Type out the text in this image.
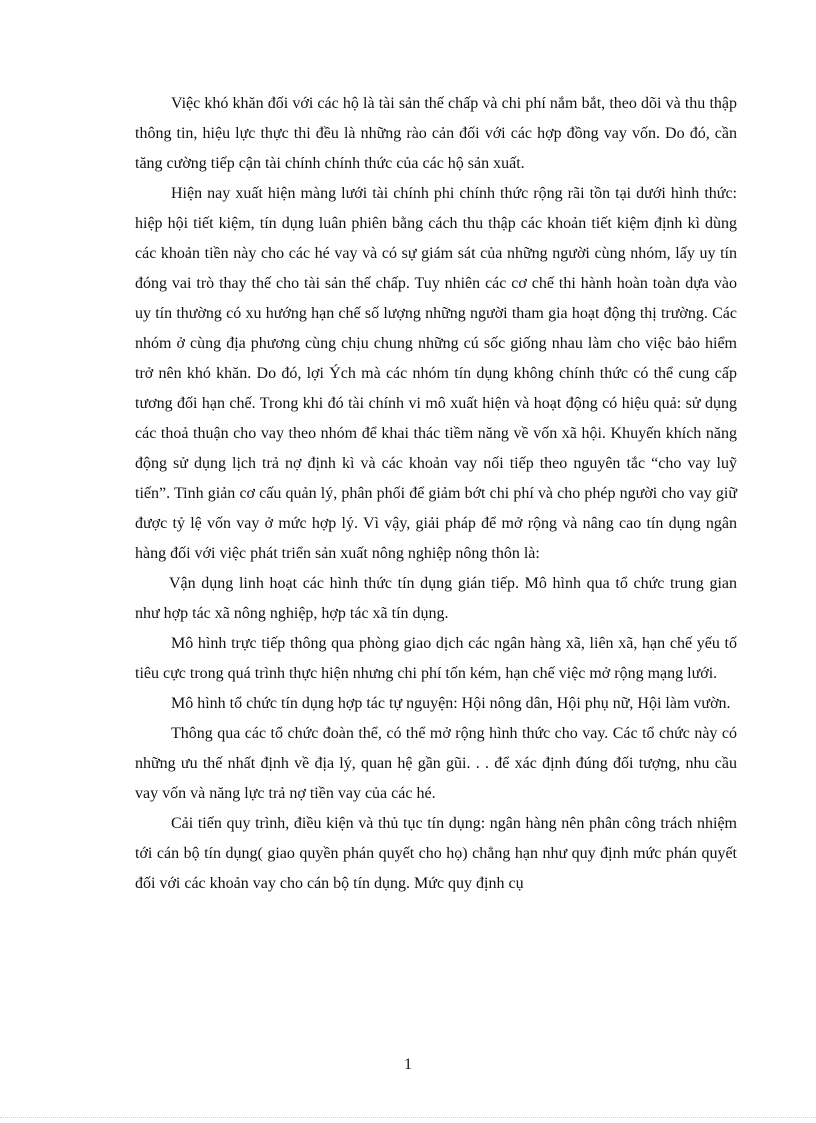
Việc khó khăn đối với các hộ là tài sản thế chấp và chi phí nắm bắt, theo dõi và thu thập thông tin, hiệu lực thực thi đều là những rào cản đối với các hợp đồng vay vốn. Do đó, cần tăng cường tiếp cận tài chính chính thức của các hộ sản xuất.

Hiện nay xuất hiện màng lưới tài chính phi chính thức rộng rãi tồn tại dưới hình thức: hiệp hội tiết kiệm, tín dụng luân phiên bằng cách thu thập các khoản tiết kiệm định kì dùng các khoản tiền này cho các hé vay và có sự giám sát của những người cùng nhóm, lấy uy tín đóng vai trò thay thế cho tài sản thế chấp. Tuy nhiên các cơ chế thi hành hoàn toàn dựa vào uy tín thường có xu hướng hạn chế số lượng những người tham gia hoạt động thị trường. Các nhóm ở cùng địa phương cùng chịu chung những cú sốc giống nhau làm cho việc bảo hiểm trở nên khó khăn. Do đó, lợi Ých mà các nhóm tín dụng không chính thức có thể cung cấp tương đối hạn chế. Trong khi đó tài chính vi mô xuất hiện và hoạt động có hiệu quả: sử dụng các thoả thuận cho vay theo nhóm để khai thác tiềm năng về vốn xã hội. Khuyến khích năng động sử dụng lịch trả nợ định kì và các khoản vay nối tiếp theo nguyên tắc “cho vay luỹ tiến”. Tinh giản cơ cấu quản lý, phân phối để giảm bớt chi phí và cho phép người cho vay giữ được tỷ lệ vốn vay ở mức hợp lý. Vì vậy, giải pháp để mở rộng và nâng cao tín dụng ngân hàng đối với việc phát triển sản xuất nông nghiệp nông thôn là:

Vận dụng linh hoạt các hình thức tín dụng gián tiếp. Mô hình qua tổ chức trung gian như hợp tác xã nông nghiệp, hợp tác xã tín dụng.

Mô hình trực tiếp thông qua phòng giao dịch các ngân hàng xã, liên xã, hạn chế yếu tố tiêu cực trong quá trình thực hiện nhưng chi phí tốn kém, hạn chế việc mở rộng mạng lưới.

Mô hình tổ chức tín dụng hợp tác tự nguyện: Hội nông dân, Hội phụ nữ, Hội làm vườn.

Thông qua các tổ chức đoàn thể, có thể mở rộng hình thức cho vay. Các tổ chức này có những ưu thế nhất định về địa lý, quan hệ gần gũi. . . để xác định đúng đối tượng, nhu cầu vay vốn và năng lực trả nợ tiền vay của các hé.

Cải tiến quy trình, điều kiện và thủ tục tín dụng: ngân hàng nên phân công trách nhiệm tới cán bộ tín dụng( giao quyền phán quyết cho họ) chẳng hạn như quy định mức phán quyết đối với các khoản vay cho cán bộ tín dụng. Mức quy định cụ

1
